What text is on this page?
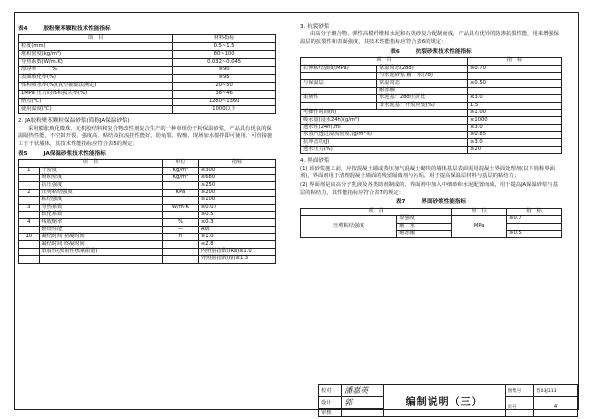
表4	胶粉聚苯颗粒技术性能指标
项　目	材料指标
粒度(mm)	0.5~1.5
堆积密度(kg/m³)	80~100
导热系数(W/m.K)	0.032~0.045
漂浮率　　　%	≥90
表面玻化率(%)	≥95
体积吸水率(%)(真空抽滤法测定)	20~50
1MPa 压力的体积损失率(%)	38~46
熔点(℃)	1280~1360
使用温度(℃)	1000以下
2. JA胶粉聚苯颗粒保温砂浆(简称JA保温砂浆)
采用膨胀玻化微珠、无机胶结料和复合物改性剂复合生产的一种单组份干粉保温砂浆，产品具有优良的保温隔热性能，不空鼓开裂、强度高、粘结及抗流挂性能好，防龟裂、收缩、现场加水搅拌即可使用，可直接施工于干状墙体，其技术性能指标应符合表5的规定：
表5	JA保温砂浆技术性能指标
项　目		单位	指标
1	干密度	Kg/m³	≤300
	堆积密度	Kg/m³	≤680
	抗压强度		≥250
2	压剪粘结强度	KPa	≥200
	粘结强度		≥100
3	导热系数	W/m·K	≤0.07
	软化系数		≥0.5
4	线收缩率	%	≤0.3
	燃烧性能	—	A级
10	凝结时间 初凝时间	h	≥1.0
	凝结时间 终凝时间		≤2.8
	放射性(放射性核素限量)		内照射指数(IRa)≤1.0
			外照射指数(Iγ)≤1.3
3. 抗裂砂浆
由高分子聚合物、弹性高模纤维和水泥和石英砂复合配制而成，产品具有优异的防渗抗裂性能，用来增强保温层的抗裂性和表面强度，其技术性能指标应符合表6的规定：
表6	抗裂砂浆技术性能指标
项　目		指　标
拉伸粘结强度(MPa)	常温常态(28d)	≥0.70
	与水泥砂浆 耐　水(7d)	
与保温层	常温常态	≥0.50
	耐冻融	
柔韧性	水泥基：28d压折比	≤3.0
	非水泥基：开裂应变(%)	1.5
可操作时间(h)		≥1.00
吸水量(浸水24h)(g/m²)		≤1000
透水性(24h),ml		≤3.0
水蒸汽透过湿流密度,(g/m²·s)		≥0.85
抗冲击功(J)		≥3.0
透水压力(%)		≥20
4. 界面砂浆
(1) 该砂浆施工前，应按混凝土墙或蒸压加气混凝土砌块的墙体基层表面需用混凝土界面处理剂(以下简称界面剂)，界面剂用于清理混凝土墙面的残留隔离剂与污垢，用于提高保温层材料与基层的粘结力；
(2) 界面剂是由高分子乳液及各类助剂制成的，界面剂中加入中细砂和水泥配置而成，用于提高JA保温砂浆与基层的粘结力，其性能指标应符合表7的规定：
表7	界面砂浆性能指标
项　目		单　位	指　标
压剪粘结强度	原强度	MPa	≥0.7
	耐　水		
	耐冻融		≥0.5
校对	潘嘉英	编制说明（三）	图集号	晋03J113
设计	郭		页号	4
审核				
